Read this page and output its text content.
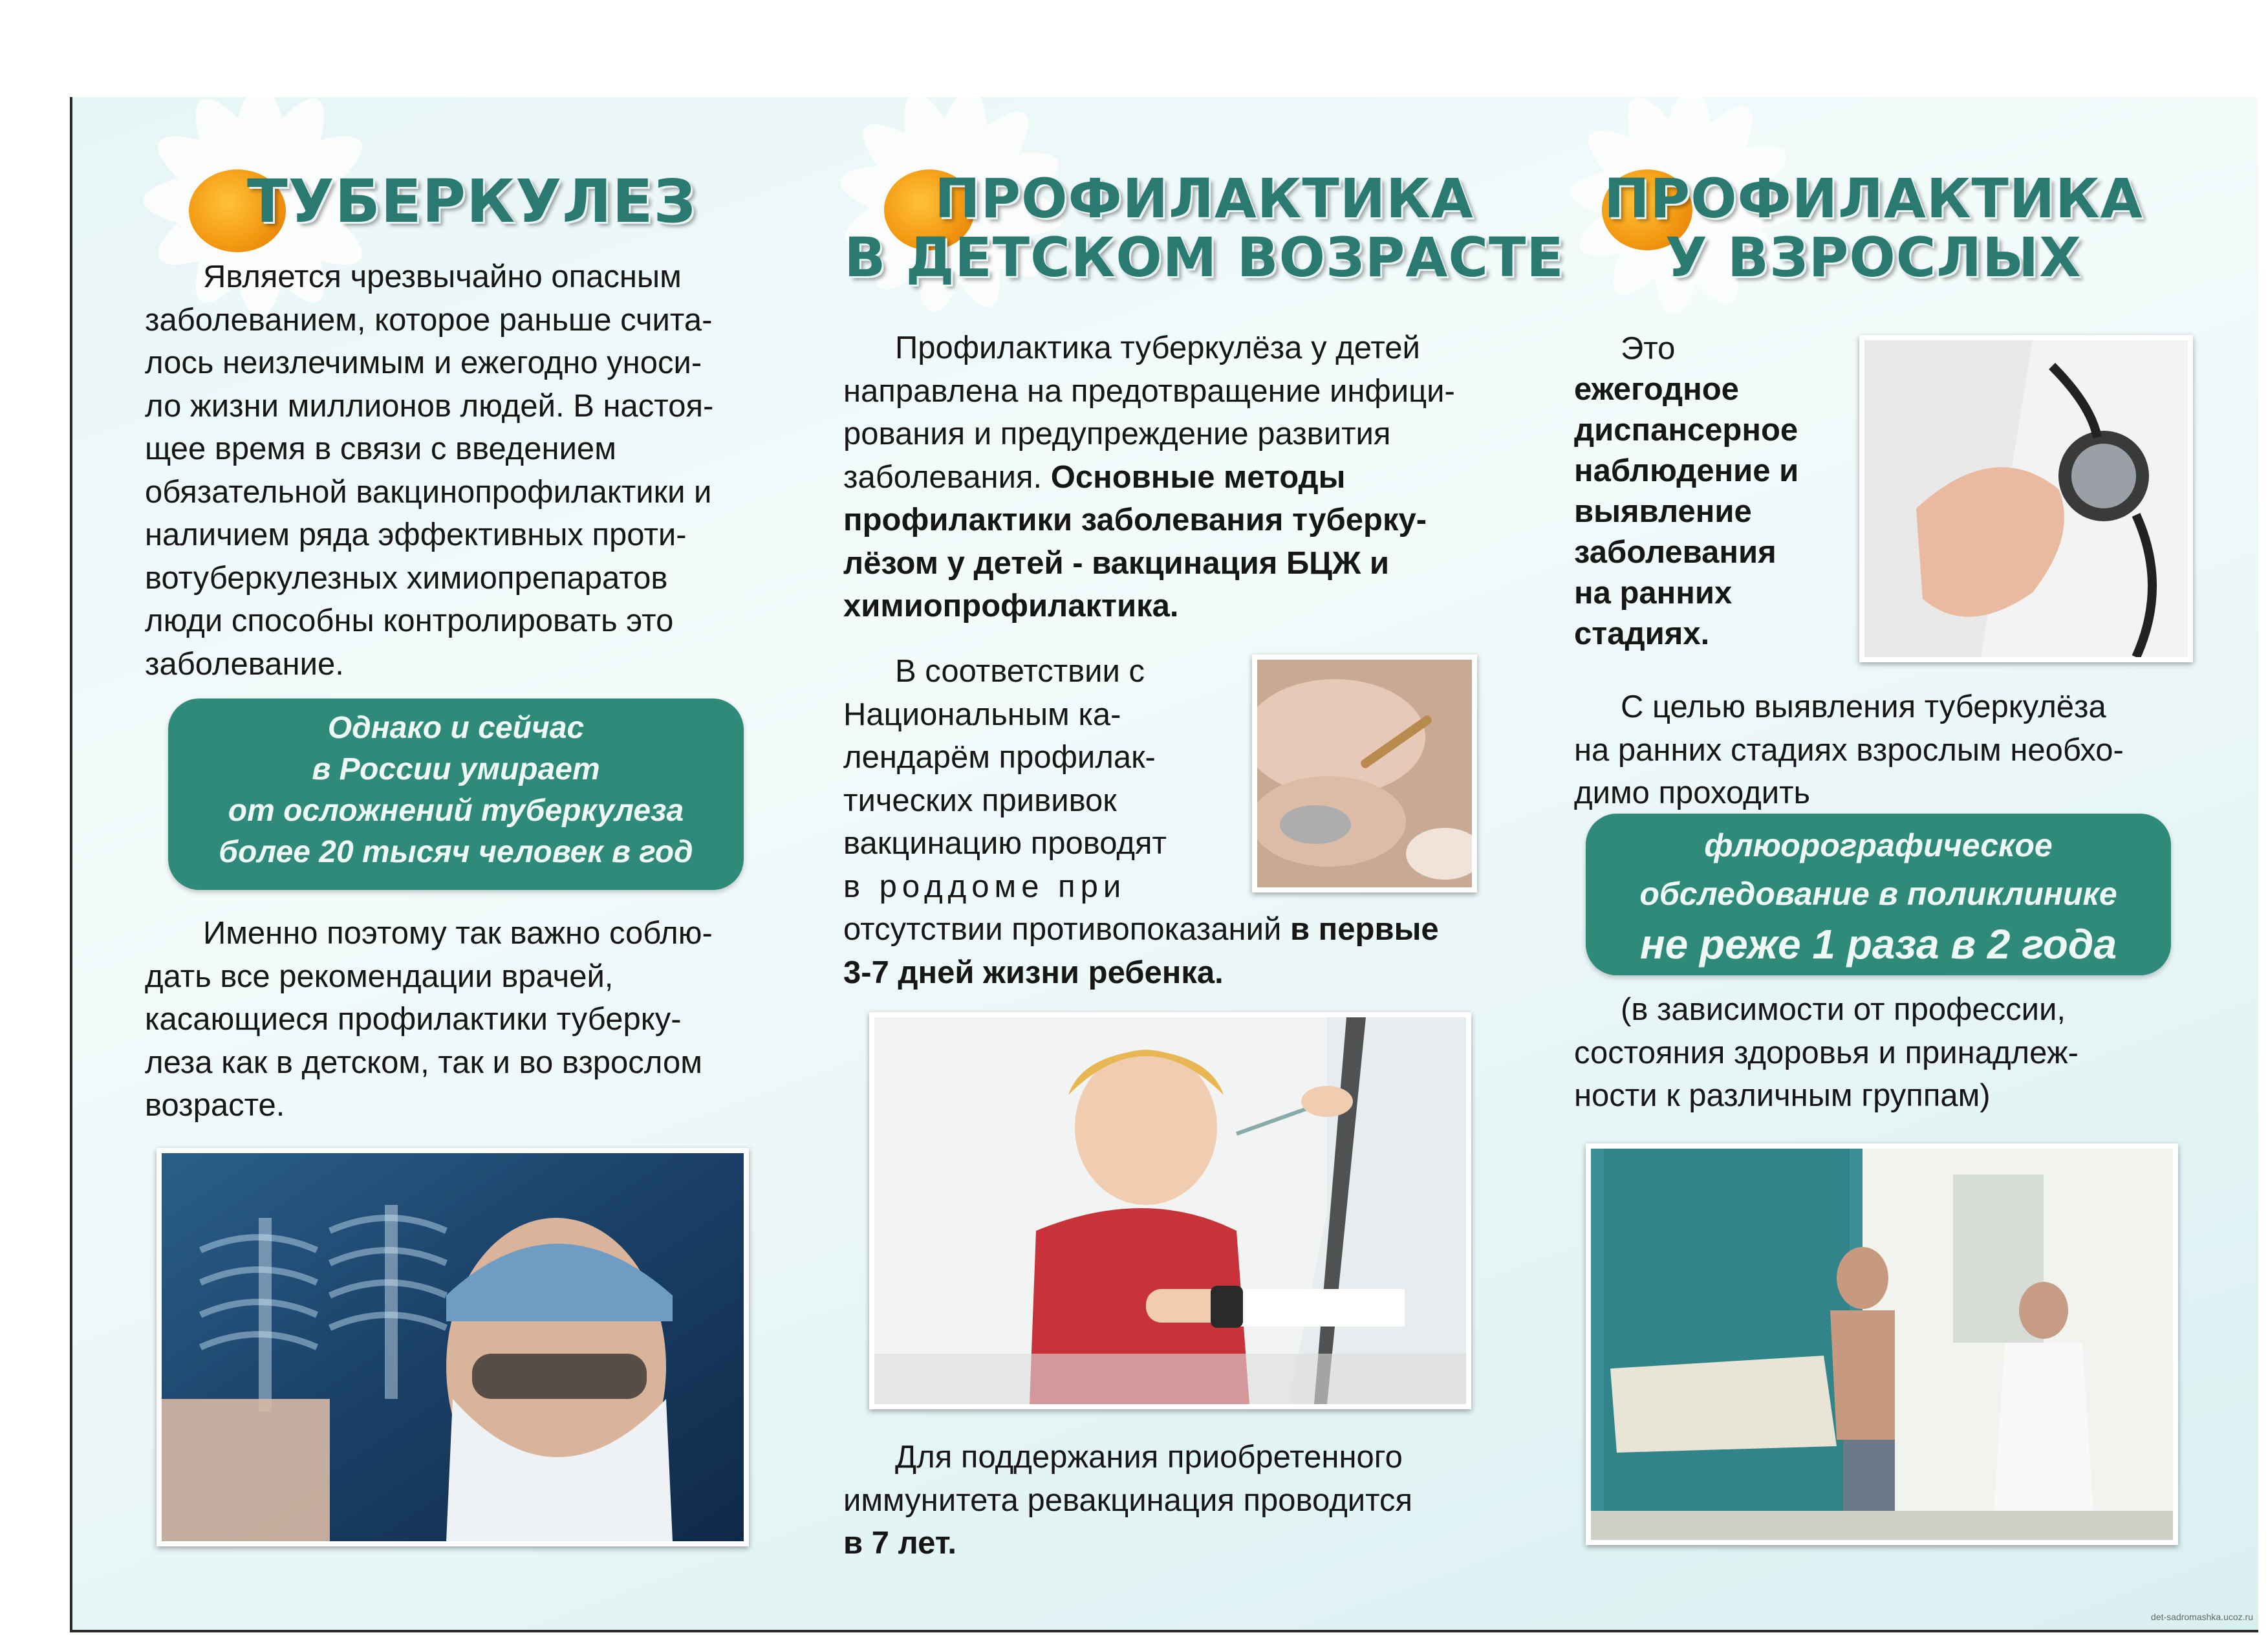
ТУБЕРКУЛЕЗ
Является чрезвычайно опасным
заболеванием, которое раньше счита-
лось неизлечимым и ежегодно уноси-
ло жизни миллионов людей. В настоя-
щее время в связи с введением
обязательной вакцинопрофилактики и
наличием ряда эффективных проти-
вотуберкулезных химиопрепаратов
люди способны контролировать это
заболевание.
Однако и сейчас
в России умирает
от осложнений туберкулеза
более 20 тысяч человек в год
Именно поэтому так важно соблю-
дать все рекомендации врачей,
касающиеся профилактики туберку-
леза как в детском, так и во взрослом
возрасте.
ПРОФИЛАКТИКА
В ДЕТСКОМ ВОЗРАСТЕ
Профилактика туберкулёза у детей
направлена на предотвращение инфици-
рования и предупреждение развития
заболевания. Основные методы
профилактики заболевания туберку-
лёзом у детей - вакцинация БЦЖ и
химиопрофилактика.
В соответствии с
Национальным ка-
лендарём профилак-
тических прививок
вакцинацию проводят
в роддоме при
отсутствии противопоказаний в первые
3-7 дней жизни ребенка.
Для поддержания приобретенного
иммунитета ревакцинация проводится
в 7 лет.
ПРОФИЛАКТИКА
У ВЗРОСЛЫХ
Это
ежегодное
диспансерное
наблюдение и
выявление
заболевания
на ранних
стадиях.
С целью выявления туберкулёза
на ранних стадиях взрослым необхо-
димо проходить
флюорографическое
обследование в поликлинике
не реже 1 раза в 2 года
(в зависимости от профессии,
состояния здоровья и принадлеж-
ности к различным группам)
det-sadromashka.ucoz.ru
